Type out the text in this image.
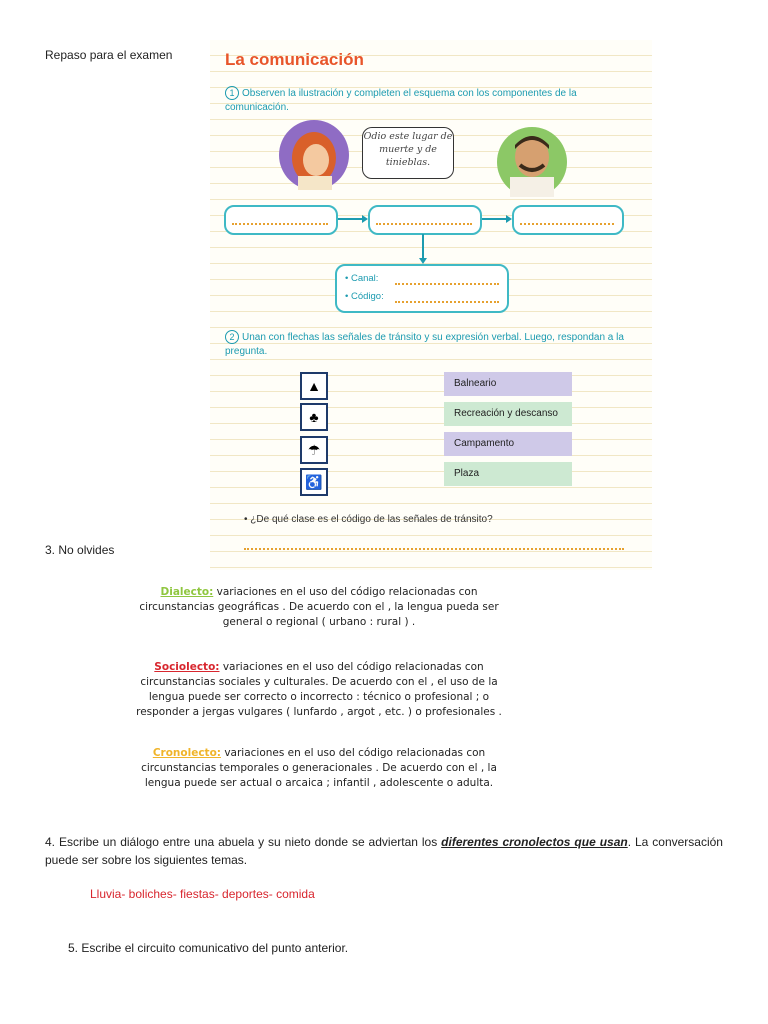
Repaso para el examen	La comunicación
1 Observen la ilustración y completen el esquema con los componentes de la comunicación.
Odio este lugar de muerte y de tinieblas.
• Canal:
• Código:
2 Unan con flechas las señales de tránsito y su expresión verbal. Luego, respondan a la pregunta.
▲
♣
☂
♿
Balneario
Recreación y descanso
Campamento
Plaza
• ¿De qué clase es el código de las señales de tránsito?
3. No olvides
Dialecto: variaciones en el uso del código relacionadas con circunstancias geográficas . De acuerdo con el , la lengua pueda ser general o regional ( urbano : rural ) .
Sociolecto: variaciones en el uso del código relacionadas con circunstancias sociales y culturales. De acuerdo con el , el uso de la lengua puede ser correcto o incorrecto : técnico o profesional ; o responder a jergas vulgares ( lunfardo , argot , etc. ) o profesionales .
Cronolecto: variaciones en el uso del código relacionadas con circunstancias temporales o generacionales . De acuerdo con el , la lengua puede ser actual o arcaica ; infantil , adolescente o adulta.
4. Escribe un diálogo entre una abuela y su nieto donde se adviertan los diferentes cronolectos que usan. La conversación puede ser sobre los siguientes temas.
Lluvia- boliches- fiestas- deportes- comida
5. Escribe el circuito comunicativo del punto anterior.
